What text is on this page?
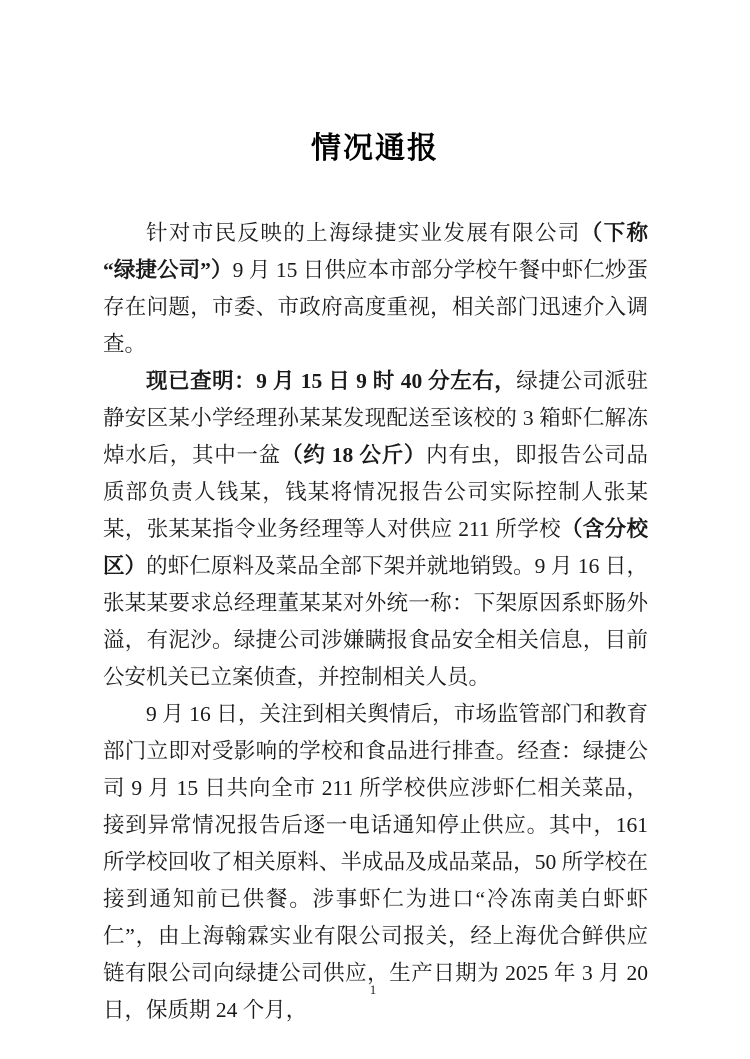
情况通报

针对市民反映的上海绿捷实业发展有限公司（下称“绿捷公司”）9 月 15 日供应本市部分学校午餐中虾仁炒蛋存在问题，市委、市政府高度重视，相关部门迅速介入调查。

现已查明：9 月 15 日 9 时 40 分左右，绿捷公司派驻静安区某小学经理孙某某发现配送至该校的 3 箱虾仁解冻焯水后，其中一盆（约 18 公斤）内有虫，即报告公司品质部负责人钱某，钱某将情况报告公司实际控制人张某某，张某某指令业务经理等人对供应 211 所学校（含分校区）的虾仁原料及菜品全部下架并就地销毁。9 月 16 日，张某某要求总经理董某某对外统一称：下架原因系虾肠外溢，有泥沙。绿捷公司涉嫌瞒报食品安全相关信息，目前公安机关已立案侦查，并控制相关人员。

9 月 16 日，关注到相关舆情后，市场监管部门和教育部门立即对受影响的学校和食品进行排查。经查：绿捷公司 9 月 15 日共向全市 211 所学校供应涉虾仁相关菜品，接到异常情况报告后逐一电话通知停止供应。其中，161 所学校回收了相关原料、半成品及成品菜品，50 所学校在接到通知前已供餐。涉事虾仁为进口“冷冻南美白虾虾仁”，由上海翰霖实业有限公司报关，经上海优合鲜供应链有限公司向绿捷公司供应，生产日期为 2025 年 3 月 20 日，保质期 24 个月，

1
